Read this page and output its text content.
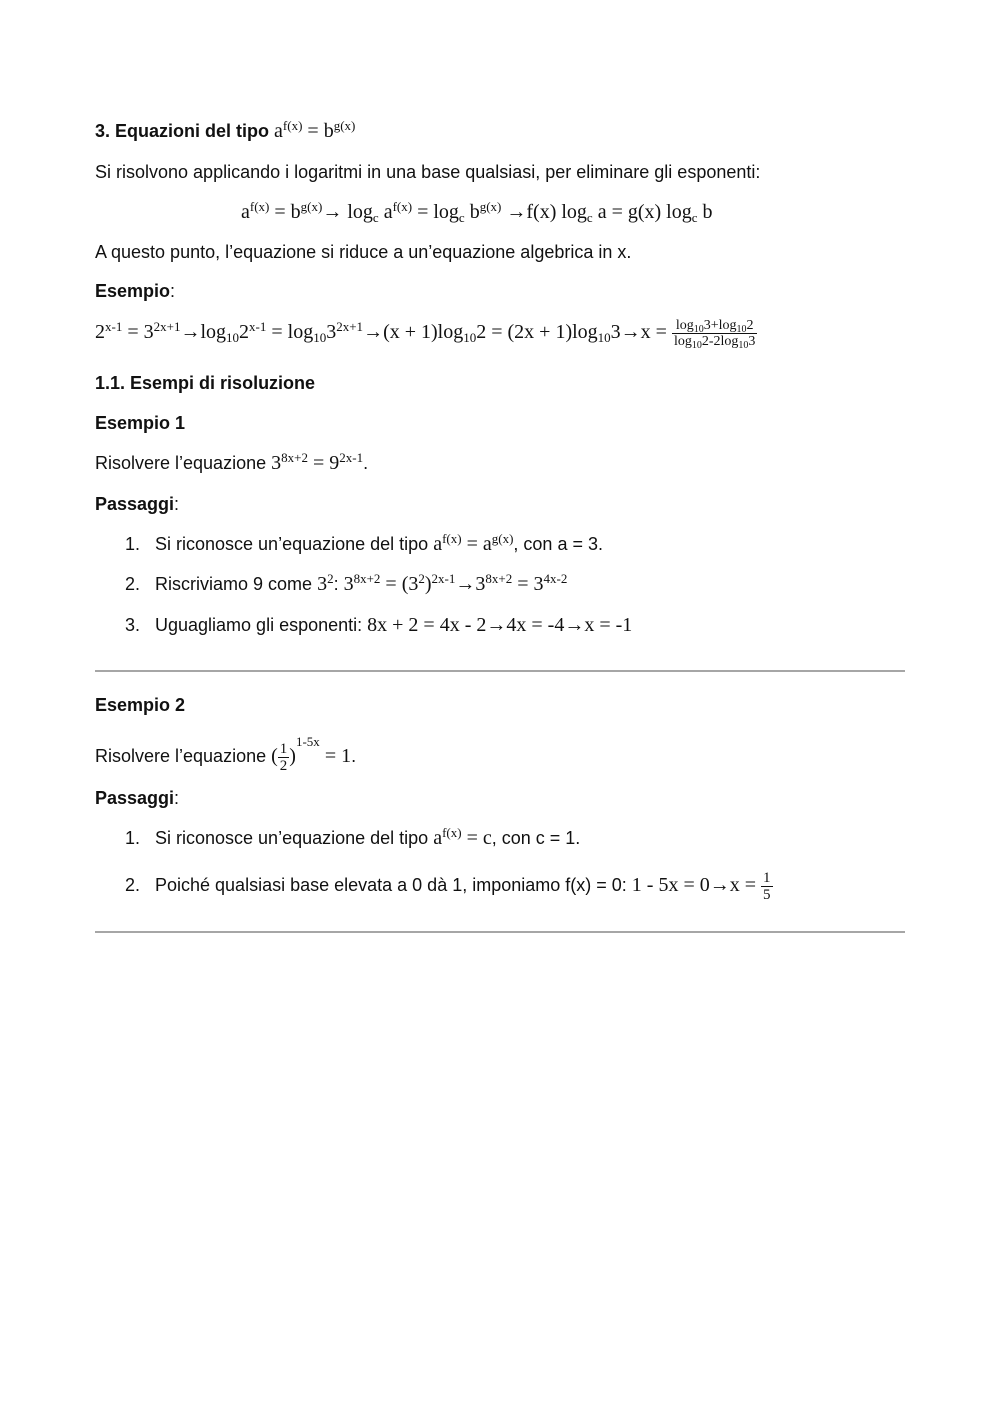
3. Equazioni del tipo $a^{f(x)} = b^{g(x)}$
Si risolvono applicando i logaritmi in una base qualsiasi, per eliminare gli esponenti:
$a^{f(x)} = b^{g(x)}\to \log_c a^{f(x)} = \log_c b^{g(x)} \to f(x)$ $\log_c a = g(x)$ $\log_c b$
A questo punto, l’equazione si riduce a un’equazione algebrica in x.
Esempio:
$2^{x-1} = 3^{2x+1}\to\log_{10}2^{x-1} = \log_{10}3^{2x+1}\to(x + 1)\log_{10}2 = (2x + 1)\log_{10}3\to x = \frac{\log_{10}3+\log_{10}2}{\log_{10}2-2\log_{10}3}$
1.1. Esempi di risoluzione
Esempio 1
Risolvere l’equazione $3^{8x+2} = 9^{2x-1}$.
Passaggi:
1. Si riconosce un’equazione del tipo $a^{f(x)} = a^{g(x)}$, con a = 3.
2. Riscriviamo 9 come $3^2$: $3^{8x+2} = (3^2)^{2x-1}\to 3^{8x+2} = 3^{4x-2}$
3. Uguagliamo gli esponenti: 8x + 2 = 4x - 2→4x = -4→x = -1
Esempio 2
Risolvere l’equazione ( $\frac{1}{2} )^{1-5x} = 1$.
Passaggi:
1. Si riconosce un’equazione del tipo $a^{f(x)} = c$, con c = 1.
2. Poiché qualsiasi base elevata a 0 dà 1, imponiamo f(x) = 0: $1 - 5x = 0\to x = \frac{1}{5}$
